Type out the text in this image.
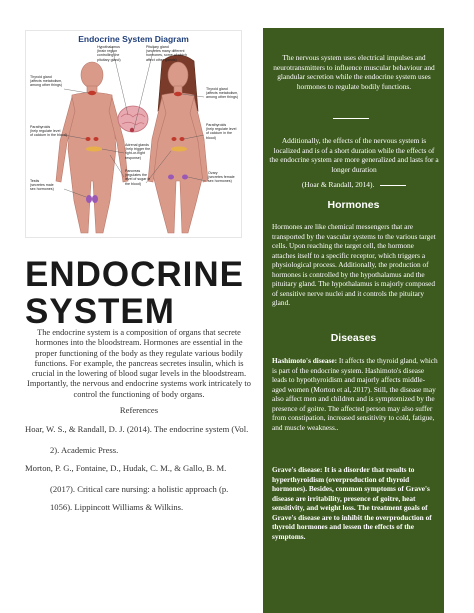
Endocrine System Diagram
Hypothalamus
(brain region
controlling the
pituitary gland)
Pituitary gland
(secretes many different
hormones, some of which
affect other glands)
Thyroid gland
(affects metabolism,
among other things)
Thyroid gland
(affects metabolism,
among other things)
Parathyroids
(help regulate level
of calcium in the blood)
Parathyroids
(help regulate level
of calcium in the blood)
Adrenal glands
(help trigger the
fight-or-flight
response)
Pancreas
(regulates the
level of sugar in
the blood)
Testis
(secretes male
sex hormones)
Ovary
(secretes female
sex hormones)
ENDOCRINE
SYSTEM
The endocrine system is a composition of organs that secrete hormones into the bloodstream. Hormones are essential in the proper functioning of the body as they regulate various bodily functions. For example, the pancreas secretes insulin, which is crucial in the lowering of blood sugar levels in the bloodstream. Importantly, the nervous and endocrine systems work intricately to control the functioning of body organs.
References
Hoar, W. S., & Randall, D. J. (2014). The endocrine system (Vol.
2). Academic Press.
Morton, P. G., Fontaine, D., Hudak, C. M., & Gallo, B. M.
(2017). Critical care nursing: a holistic approach (p.
1056). Lippincott Williams & Wilkins.
The nervous system uses electrical impulses and neurotransmitters to influence muscular behaviour and glandular secretion while the endocrine system uses hormones to regulate bodily functions.
Additionally, the effects of the nervous system is localized and is of a short duration while the effects of the endocrine system are more generalized and lasts for a longer duration
(Hoar & Randall, 2014).
Hormones
Hormones are like chemical messengers that are transported by the vascular systems to the various target cells. Upon reaching the target cell, the hormone attaches itself to a specific receptor, which triggers a physiological process. Additionally, the production of hormones is controlled by the hypothalamus and the pituitary gland. The hypothalamus is majorly composed of sensitive nerve nuclei and it controls the pituitary gland.
Diseases
Hashimoto's disease: It affects the thyroid gland, which is part of the endocrine system. Hashimoto's disease leads to hypothyroidism and majorly affects middle-aged women (Morton et al, 2017). Still, the disease may also affect men and children and is symptomized by the presence of goitre. The affected person may also suffer from constipation, increased sensitivity to cold, fatigue, and muscle weakness..
Grave's disease: It is a disorder that results to hyperthyroidism (overproduction of thyroid hormones). Besides, common symptoms of Grave's disease are irritability, presence of goitre, heat sensitivity, and weight loss. The treatment goals of Grave's disease are to inhibit the overproduction of thyroid hormones and lessen the effects of the symptoms.
